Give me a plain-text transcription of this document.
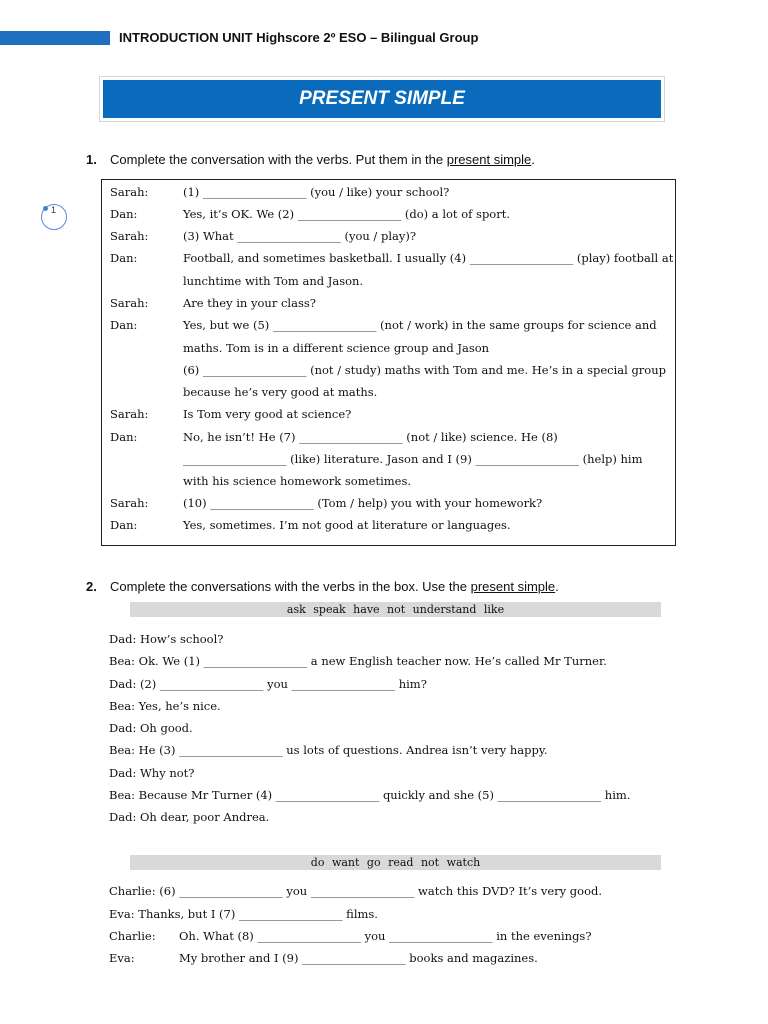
INTRODUCTION UNIT Highscore 2º ESO – Bilingual Group
PRESENT SIMPLE
1. Complete the conversation with the verbs. Put them in the present simple.
1
Sarah:	(1) __________________ (you / like) your school?
Dan:	Yes, it’s OK. We (2) __________________ (do) a lot of sport.
Sarah:	(3) What __________________ (you / play)?
Dan:	Football, and sometimes basketball. I usually (4) __________________ (play) football at
lunchtime with Tom and Jason.
Sarah:	Are they in your class?
Dan:	Yes, but we (5) __________________ (not / work) in the same groups for science and
maths. Tom is in a different science group and Jason
(6) __________________ (not / study) maths with Tom and me. He’s in a special group
because he’s very good at maths.
Sarah:	Is Tom very good at science?
Dan:	No, he isn’t! He (7) __________________ (not / like) science. He (8)
__________________ (like) literature. Jason and I (9) __________________ (help) him
with his science homework sometimes.
Sarah:	(10) __________________ (Tom / help) you with your homework?
Dan:	Yes, sometimes. I’m not good at literature or languages.
2. Complete the conversations with the verbs in the box. Use the present simple.
ask speak have not understand like
Dad: How’s school?
Bea: Ok. We (1) __________________ a new English teacher now. He’s called Mr Turner.
Dad: (2) __________________ you __________________ him?
Bea: Yes, he’s nice.
Dad: Oh good.
Bea: He (3) __________________ us lots of questions. Andrea isn’t very happy.
Dad: Why not?
Bea: Because Mr Turner (4) __________________ quickly and she (5) __________________ him.
Dad: Oh dear, poor Andrea.
do want go read not watch
Charlie: (6) __________________ you __________________ watch this DVD? It’s very good.
Eva: Thanks, but I (7) __________________ films.
Charlie: Oh. What (8) __________________ you __________________ in the evenings?
Eva:	My brother and I (9) __________________ books and magazines.
